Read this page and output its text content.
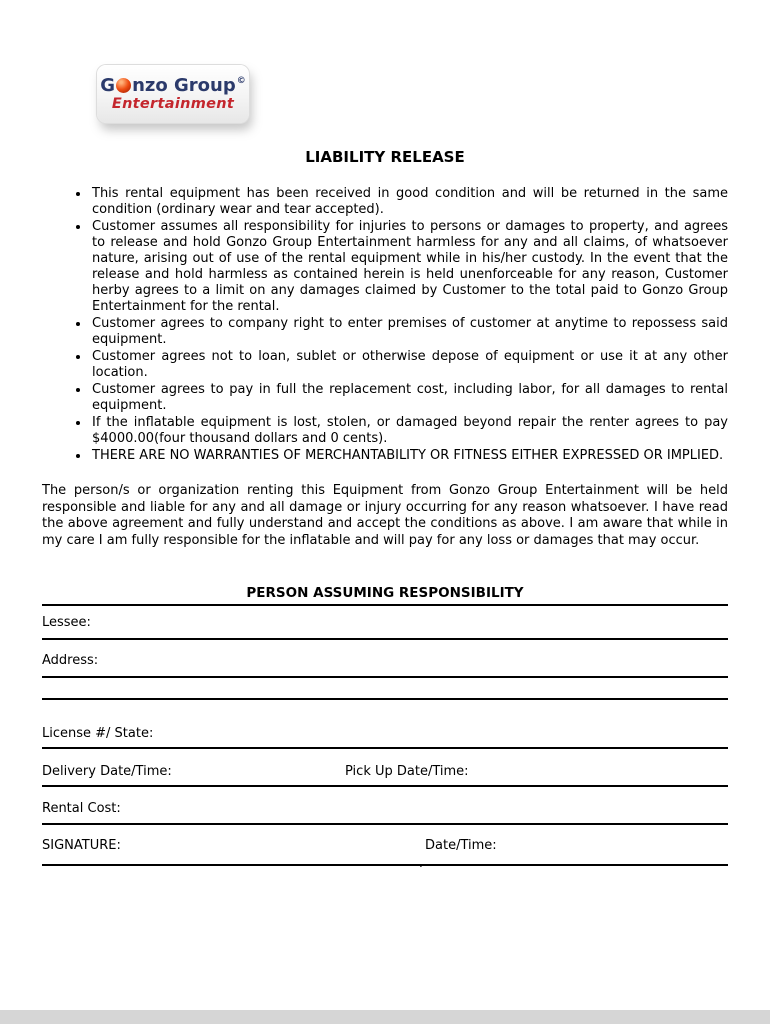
G nzo Group ©
Entertainment
LIABILITY RELEASE
• This rental equipment has been received in good condition and will be returned in the same condition (ordinary wear and tear accepted).
• Customer assumes all responsibility for injuries to persons or damages to property, and agrees to release and hold Gonzo Group Entertainment harmless for any and all claims, of whatsoever nature, arising out of use of the rental equipment while in his/her custody. In the event that the release and hold harmless as contained herein is held unenforceable for any reason, Customer herby agrees to a limit on any damages claimed by Customer to the total paid to Gonzo Group Entertainment for the rental.
• Customer agrees to company right to enter premises of customer at anytime to repossess said equipment.
• Customer agrees not to loan, sublet or otherwise depose of equipment or use it at any other location.
• Customer agrees to pay in full the replacement cost, including labor, for all damages to rental equipment.
• If the inflatable equipment is lost, stolen, or damaged beyond repair the renter agrees to pay $4000.00(four thousand dollars and 0 cents).
• THERE ARE NO WARRANTIES OF MERCHANTABILITY OR FITNESS EITHER EXPRESSED OR IMPLIED.

The person/s or organization renting this Equipment from Gonzo Group Entertainment will be held responsible and liable for any and all damage or injury occurring for any reason whatsoever. I have read the above agreement and fully understand and accept the conditions as above. I am aware that while in my care I am fully responsible for the inflatable and will pay for any loss or damages that may occur.

PERSON ASSUMING RESPONSIBILITY
Lessee:
Address:
License #/ State:
Delivery Date/Time:	Pick Up Date/Time:
Rental Cost:
SIGNATURE:	Date/Time:
.
